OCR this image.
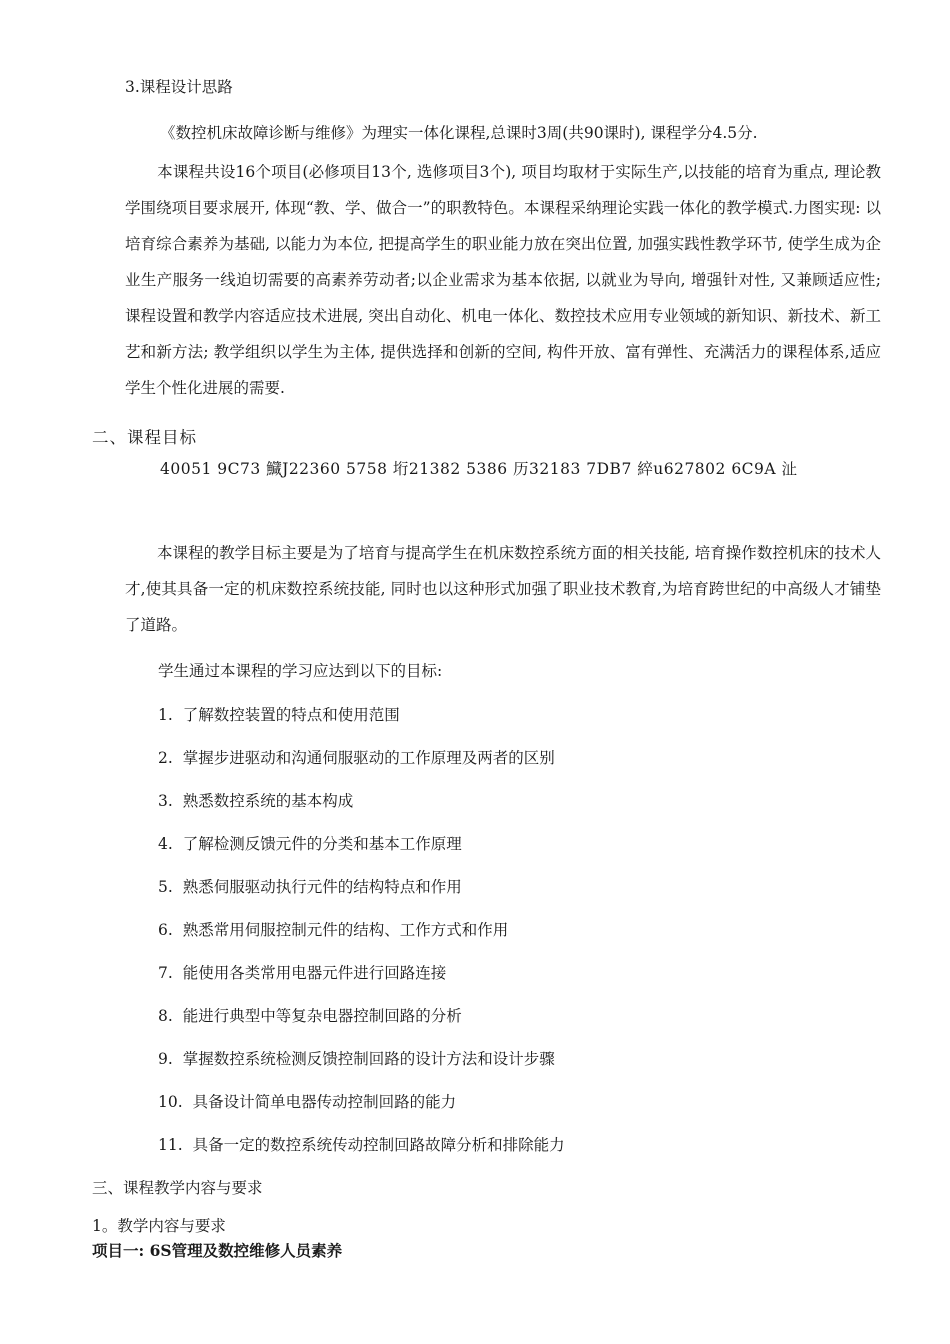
3.课程设计思路
《数控机床故障诊断与维修》为理实一体化课程,总课时3周(共90课时), 课程学分4.5分.

本课程共设16个项目(必修项目13个, 选修项目3个), 项目均取材于实际生产,以技能的培育为重点, 理论教学围绕项目要求展开, 体现“教、学、做合一”的职教特色。本课程采纳理论实践一体化的教学模式.力图实现: 以培育综合素养为基础, 以能力为本位, 把提高学生的职业能力放在突出位置, 加强实践性教学环节, 使学生成为企业生产服务一线迫切需要的高素养劳动者;以企业需求为基本依据, 以就业为导向, 增强针对性, 又兼顾适应性; 课程设置和教学内容适应技术进展, 突出自动化、机电一体化、数控技术应用专业领域的新知识、新技术、新工艺和新方法; 教学组织以学生为主体, 提供选择和创新的空间, 构件开放、富有弹性、充满活力的课程体系,适应学生个性化进展的需要.

二、课程目标
40051 9C73 鱵J22360 5758 垳21382 5386 历32183 7DB7 綷u627802 6C9A 沚

本课程的教学目标主要是为了培育与提高学生在机床数控系统方面的相关技能, 培育操作数控机床的技术人才,使其具备一定的机床数控系统技能, 同时也以这种形式加强了职业技术教育,为培育跨世纪的中高级人才铺垫了道路。

学生通过本课程的学习应达到以下的目标:
1. 了解数控装置的特点和使用范围
2. 掌握步进驱动和沟通伺服驱动的工作原理及两者的区别
3. 熟悉数控系统的基本构成
4. 了解检测反馈元件的分类和基本工作原理
5. 熟悉伺服驱动执行元件的结构特点和作用
6. 熟悉常用伺服控制元件的结构、工作方式和作用
7. 能使用各类常用电器元件进行回路连接
8. 能进行典型中等复杂电器控制回路的分析
9. 掌握数控系统检测反馈控制回路的设计方法和设计步骤
10. 具备设计简单电器传动控制回路的能力
11. 具备一定的数控系统传动控制回路故障分析和排除能力
三、课程教学内容与要求
1。教学内容与要求
项目一: 6S管理及数控维修人员素养
